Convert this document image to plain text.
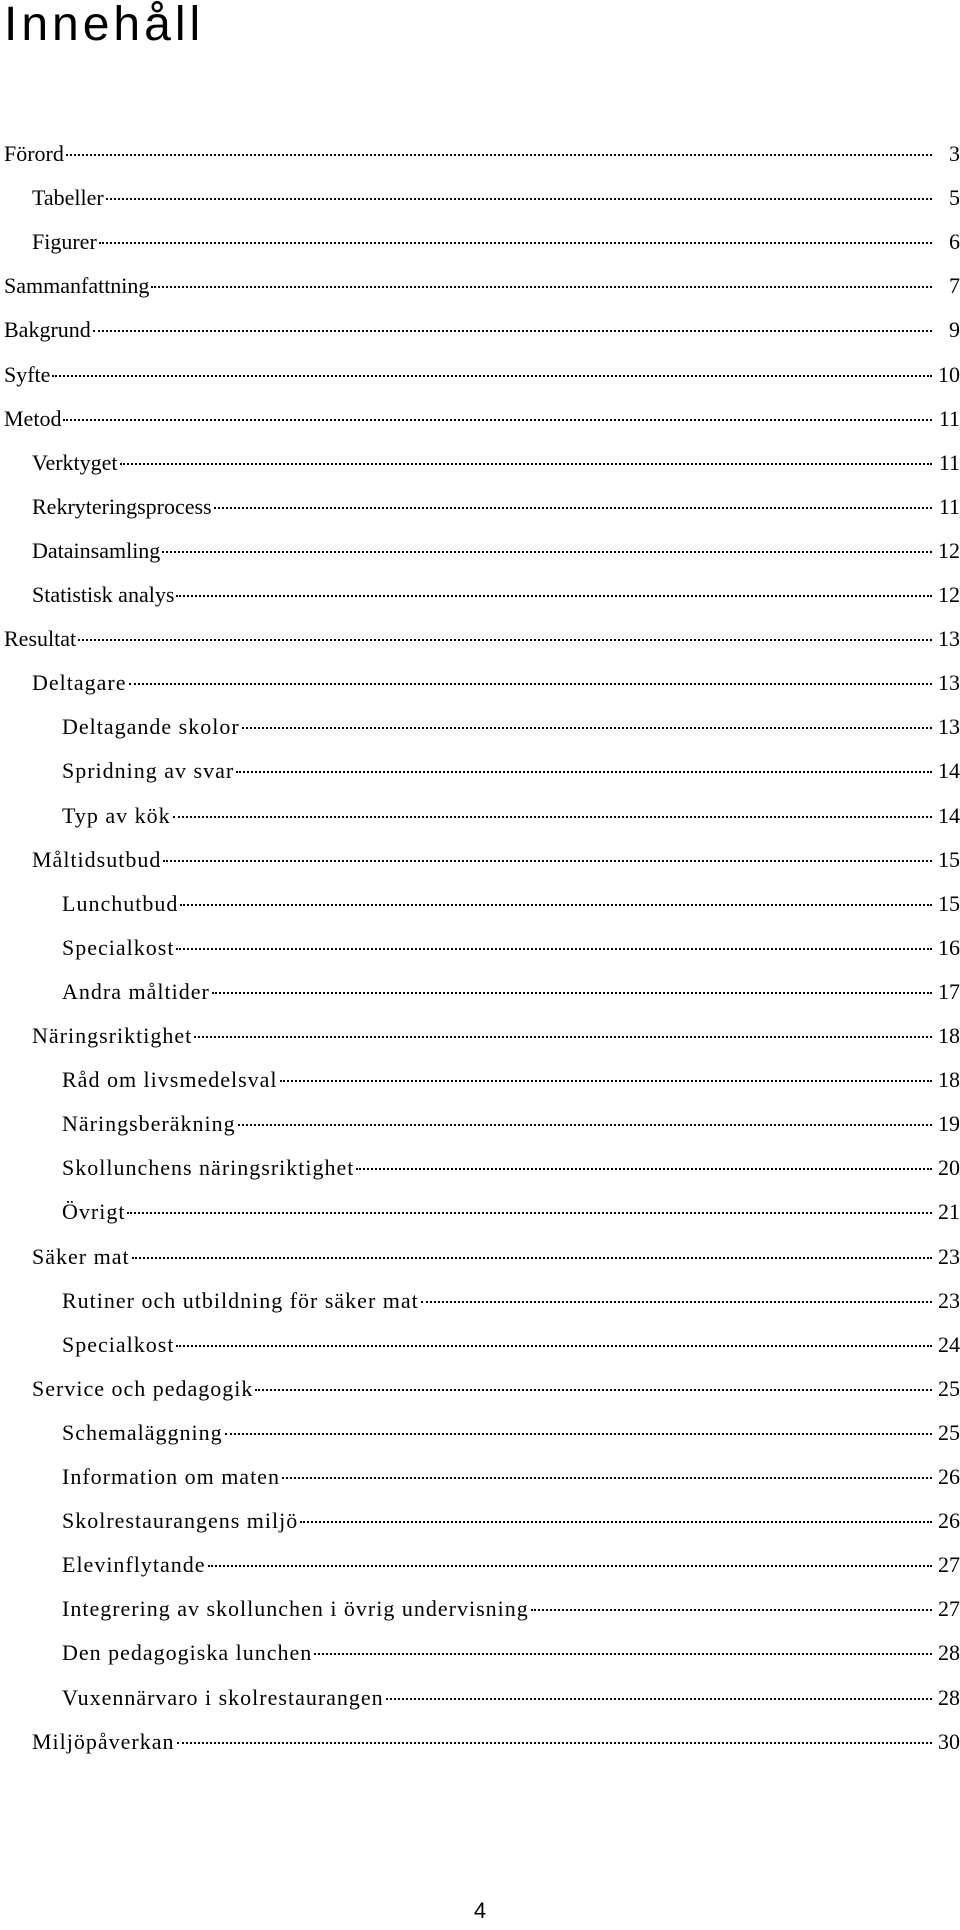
Innehåll
Förord	3
Tabeller	5
Figurer	6
Sammanfattning	7
Bakgrund	9
Syfte	10
Metod	11
Verktyget	11
Rekryteringsprocess	11
Datainsamling	12
Statistisk analys	12
Resultat	13
Deltagare	13
Deltagande skolor	13
Spridning av svar	14
Typ av kök	14
Måltidsutbud	15
Lunchutbud	15
Specialkost	16
Andra måltider	17
Näringsriktighet	18
Råd om livsmedelsval	18
Näringsberäkning	19
Skollunchens näringsriktighet	20
Övrigt	21
Säker mat	23
Rutiner och utbildning för säker mat	23
Specialkost	24
Service och pedagogik	25
Schemaläggning	25
Information om maten	26
Skolrestaurangens miljö	26
Elevinflytande	27
Integrering av skollunchen i övrig undervisning	27
Den pedagogiska lunchen	28
Vuxennärvaro i skolrestaurangen	28
Miljöpåverkan	30
4
